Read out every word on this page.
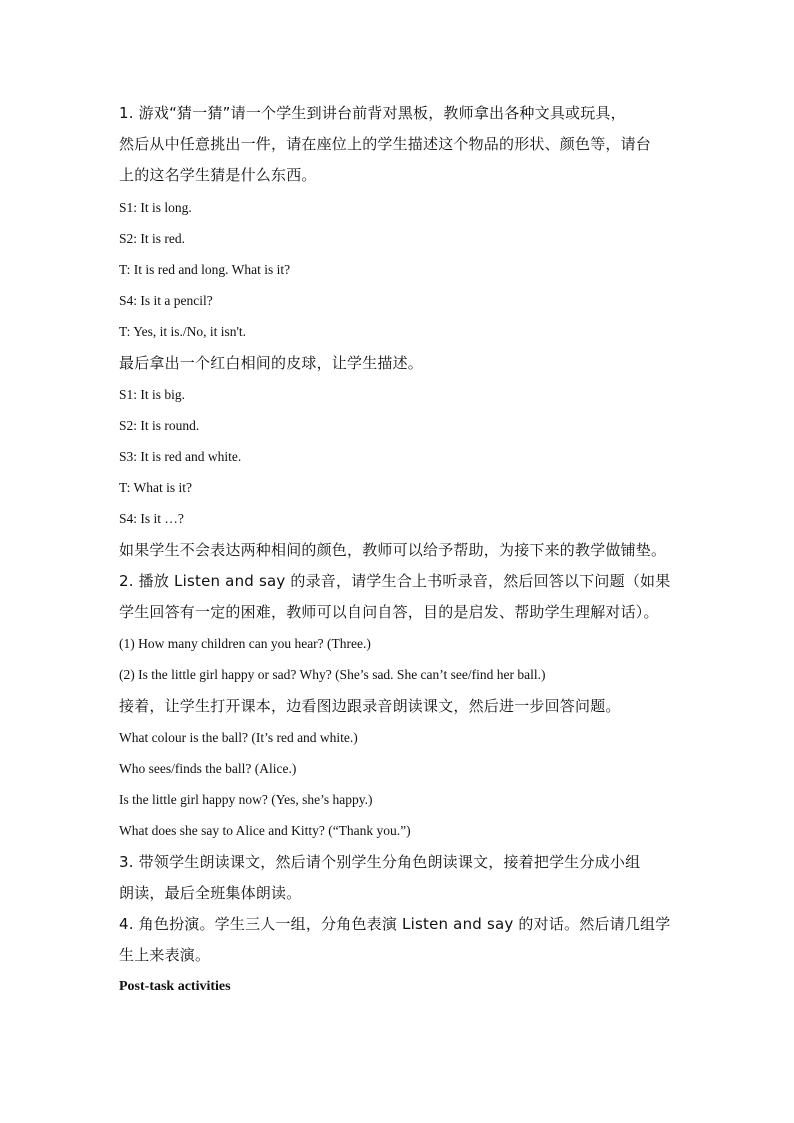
1. 游戏“猜一猜”请一个学生到讲台前背对黑板，教师拿出各种文具或玩具，
然后从中任意挑出一件，请在座位上的学生描述这个物品的形状、颜色等，请台
上的这名学生猜是什么东西。
S1: It is long.
S2: It is red.
T: It is red and long. What is it?
S4: Is it a pencil?
T: Yes, it is./No, it isn't.
最后拿出一个红白相间的皮球，让学生描述。
S1: It is big.
S2: It is round.
S3: It is red and white.
T: What is it?
S4: Is it …?
如果学生不会表达两种相间的颜色，教师可以给予帮助，为接下来的教学做铺垫。
2. 播放 Listen and say 的录音，请学生合上书听录音，然后回答以下问题（如果
学生回答有一定的困难，教师可以自问自答，目的是启发、帮助学生理解对话）。
(1) How many children can you hear? (Three.)
(2) Is the little girl happy or sad? Why? (She’s sad. She can’t see/find her ball.)
接着，让学生打开课本，边看图边跟录音朗读课文，然后进一步回答问题。
What colour is the ball? (It’s red and white.)
Who sees/finds the ball? (Alice.)
Is the little girl happy now? (Yes, she’s happy.)
What does she say to Alice and Kitty? (“Thank you.”)
3. 带领学生朗读课文，然后请个别学生分角色朗读课文，接着把学生分成小组
朗读，最后全班集体朗读。
4. 角色扮演。学生三人一组，分角色表演 Listen and say 的对话。然后请几组学
生上来表演。
Post-task activities
